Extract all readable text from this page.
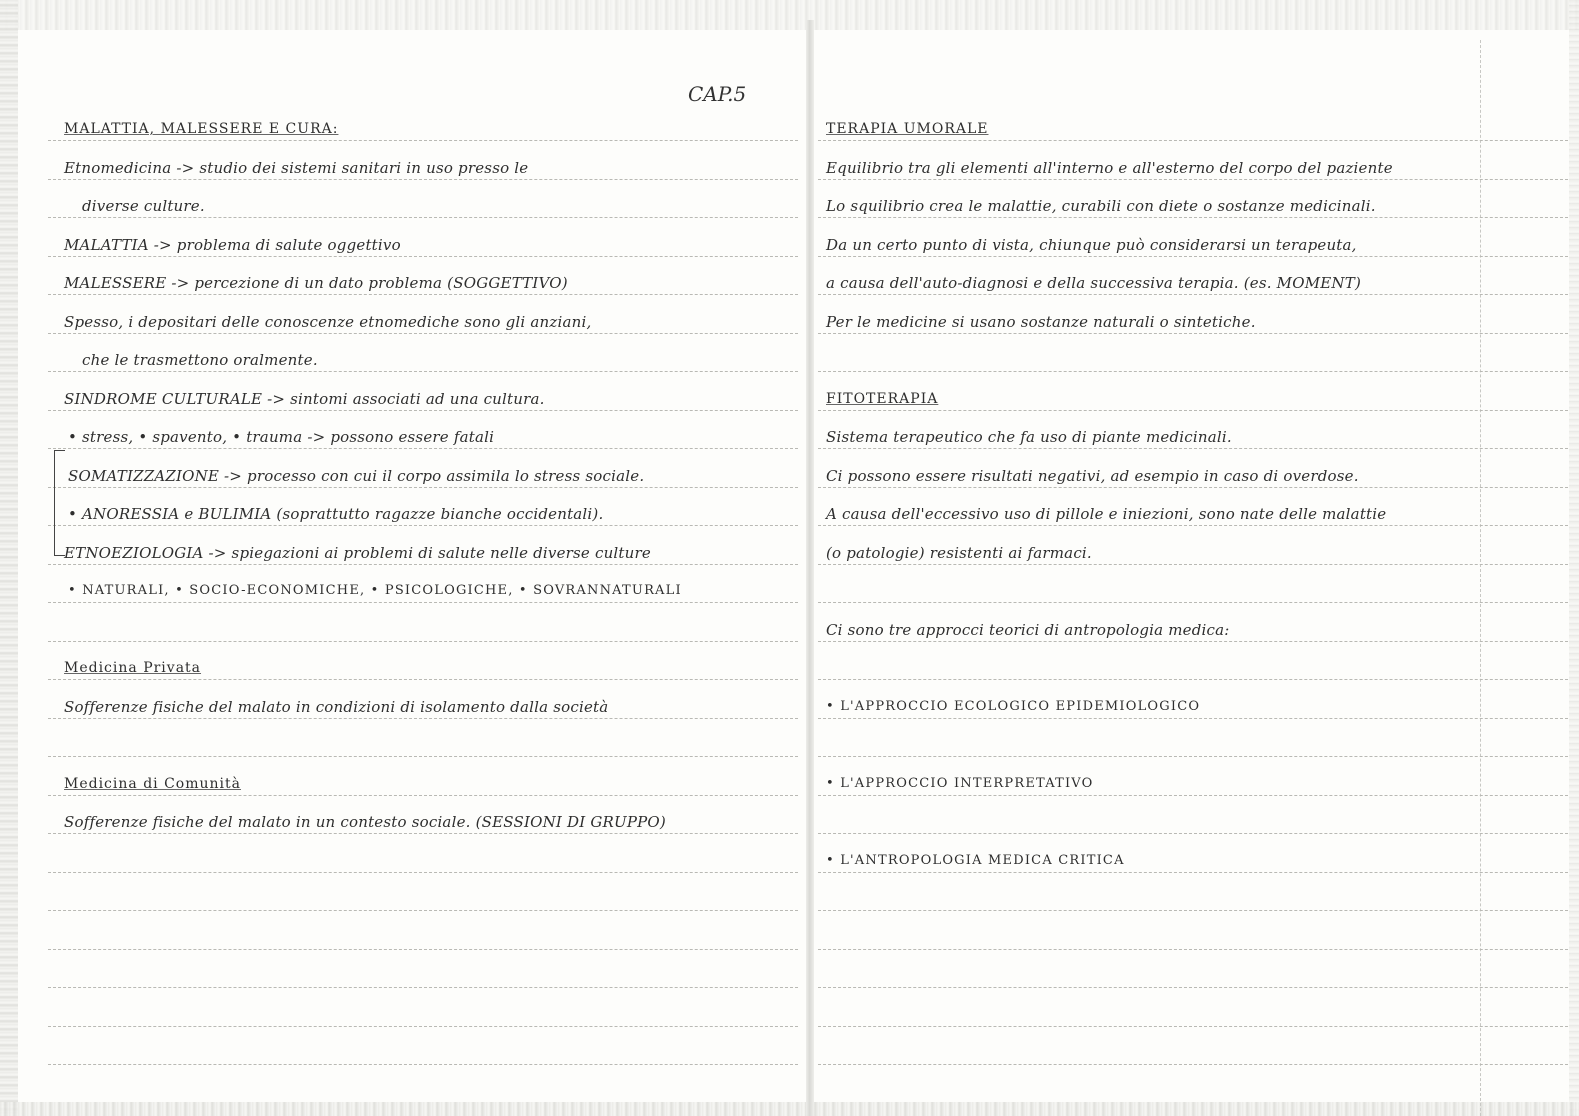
CAP.5
MALATTIA, MALESSERE E CURA:
Etnomedicina -> studio dei sistemi sanitari in uso presso le
diverse culture.
MALATTIA -> problema di salute oggettivo
MALESSERE -> percezione di un dato problema (SOGGETTIVO)
Spesso, i depositari delle conoscenze etnomediche sono gli anziani,
che le trasmettono oralmente.
SINDROME CULTURALE -> sintomi associati ad una cultura.
• stress, • spavento, • trauma -> possono essere fatali
SOMATIZZAZIONE -> processo con cui il corpo assimila lo stress sociale.
• ANORESSIA e BULIMIA (soprattutto ragazze bianche occidentali).
ETNOEZIOLOGIA -> spiegazioni ai problemi di salute nelle diverse culture
• NATURALI, • SOCIO-ECONOMICHE, • PSICOLOGICHE, • SOVRANNATURALI
Medicina Privata
Sofferenze fisiche del malato in condizioni di isolamento dalla società
Medicina di Comunità
Sofferenze fisiche del malato in un contesto sociale. (SESSIONI DI GRUPPO)
TERAPIA UMORALE
Equilibrio tra gli elementi all'interno e all'esterno del corpo del paziente
Lo squilibrio crea le malattie, curabili con diete o sostanze medicinali.
Da un certo punto di vista, chiunque può considerarsi un terapeuta,
a causa dell'auto-diagnosi e della successiva terapia. (es. MOMENT)
Per le medicine si usano sostanze naturali o sintetiche.
FITOTERAPIA
Sistema terapeutico che fa uso di piante medicinali.
Ci possono essere risultati negativi, ad esempio in caso di overdose.
A causa dell'eccessivo uso di pillole e iniezioni, sono nate delle malattie
(o patologie) resistenti ai farmaci.
Ci sono tre approcci teorici di antropologia medica:
• L'APPROCCIO ECOLOGICO EPIDEMIOLOGICO
• L'APPROCCIO INTERPRETATIVO
• L'ANTROPOLOGIA MEDICA CRITICA
